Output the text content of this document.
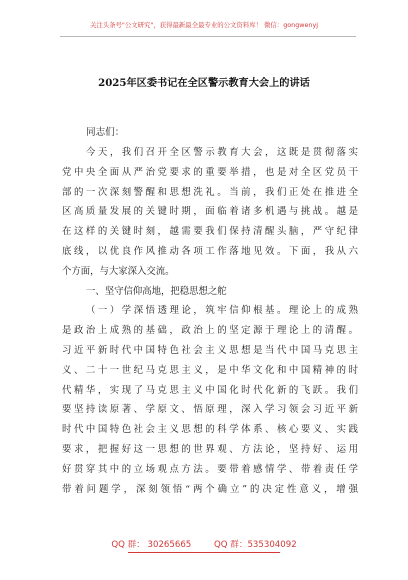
关注头条号"公文研究"，获得最新最全最专业的公文资料库！ 微信：gongwenyj
2025年区委书记在全区警示教育大会上的讲话
同志们：
今天，我们召开全区警示教育大会，这既是贯彻落实
党中央全面从严治党要求的重要举措，也是对全区党员干
部的一次深刻警醒和思想洗礼。当前，我们正处在推进全
区高质量发展的关键时期，面临着诸多机遇与挑战。越是
在这样的关键时刻，越需要我们保持清醒头脑，严守纪律
底线，以优良作风推动各项工作落地见效。下面，我从六
个方面，与大家深入交流。
一、坚守信仰高地，把稳思想之舵
（一）学深悟透理论，筑牢信仰根基。理论上的成熟
是政治上成熟的基础，政治上的坚定源于理论上的清醒。
习近平新时代中国特色社会主义思想是当代中国马克思主
义、二十一世纪马克思主义，是中华文化和中国精神的时
代精华，实现了马克思主义中国化时代化新的飞跃。我们
要坚持读原著、学原文、悟原理，深入学习领会习近平新
时代中国特色社会主义思想的科学体系、核心要义、实践
要求，把握好这一思想的世界观、方法论，坚持好、运用
好贯穿其中的立场观点方法。要带着感情学、带着责任学
带着问题学，深刻领悟“两个确立”的决定性意义，增强
QQ 群： 30265665	QQ 群：535304092
